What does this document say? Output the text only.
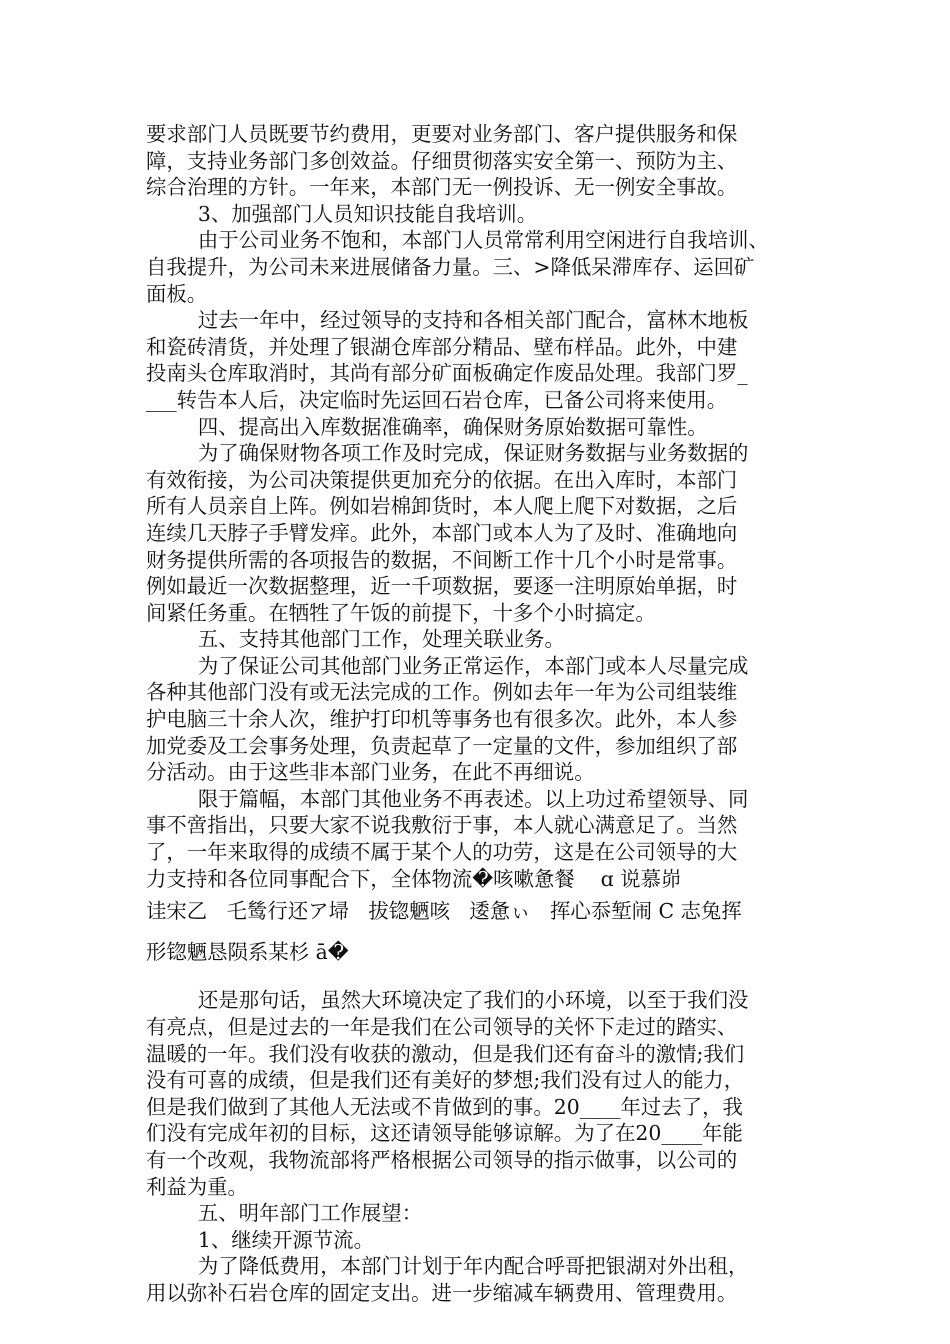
要求部门人员既要节约费用，更要对业务部门、客户提供服务和保

障，支持业务部门多创效益。仔细贯彻落实安全第一、预防为主、

综合治理的方针。一年来，本部门无一例投诉、无一例安全事故。

3、加强部门人员知识技能自我培训。

由于公司业务不饱和，本部门人员常常利用空闲进行自我培训、

自我提升，为公司未来进展储备力量。三、>降低呆滞库存、运回矿

面板。

过去一年中，经过领导的支持和各相关部门配合，富林木地板

和瓷砖清货，并处理了银湖仓库部分精品、壁布样品。此外，中建

投南头仓库取消时，其尚有部分矿面板确定作废品处理。我部门罗_

___转告本人后，决定临时先运回石岩仓库，已备公司将来使用。

四、提高出入库数据准确率，确保财务原始数据可靠性。

为了确保财物各项工作及时完成，保证财务数据与业务数据的

有效衔接，为公司决策提供更加充分的依据。在出入库时，本部门

所有人员亲自上阵。例如岩棉卸货时，本人爬上爬下对数据，之后

连续几天脖子手臂发痒。此外，本部门或本人为了及时、准确地向

财务提供所需的各项报告的数据，不间断工作十几个小时是常事。

例如最近一次数据整理，近一千项数据，要逐一注明原始单据，时

间紧任务重。在牺牲了午饭的前提下，十多个小时搞定。

五、支持其他部门工作，处理关联业务。

为了保证公司其他部门业务正常运作，本部门或本人尽量完成

各种其他部门没有或无法完成的工作。例如去年一年为公司组装维

护电脑三十余人次，维护打印机等事务也有很多次。此外，本人参

加党委及工会事务处理，负责起草了一定量的文件，参加组织了部

分活动。由于这些非本部门业务，在此不再细说。

限于篇幅，本部门其他业务不再表述。以上功过希望领导、同

事不啻指出，只要大家不说我敷衍于事，本人就心满意足了。当然

了，一年来取得的成绩不属于某个人的功劳，这是在公司领导的大

力支持和各位同事配合下，全体物流�咳嗽惫餐    ɑ 说慕峁

诖宋乙   乇鸶行还ア埽   拔锪魉咳   逶惫ぃ   挥心忝堑闹 C 志兔挥

形锪魉恳陨系某杉 ā�

还是那句话，虽然大环境决定了我们的小环境，以至于我们没

有亮点，但是过去的一年是我们在公司领导的关怀下走过的踏实、

温暖的一年。我们没有收获的激动，但是我们还有奋斗的激情;我们

没有可喜的成绩，但是我们还有美好的梦想;我们没有过人的能力，

但是我们做到了其他人无法或不肯做到的事。20____年过去了，我

们没有完成年初的目标，这还请领导能够谅解。为了在20____年能

有一个改观，我物流部将严格根据公司领导的指示做事，以公司的

利益为重。

五、明年部门工作展望：

1、继续开源节流。

为了降低费用，本部门计划于年内配合呼哥把银湖对外出租，

用以弥补石岩仓库的固定支出。进一步缩减车辆费用、管理费用。
